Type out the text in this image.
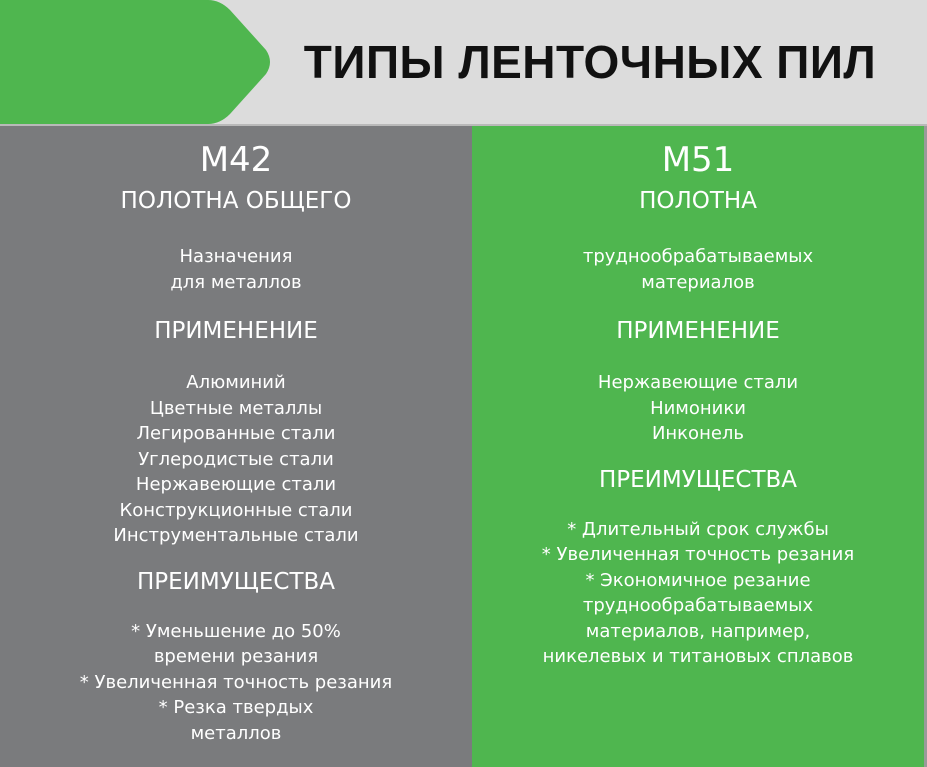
ТИПЫ ЛЕНТОЧНЫХ ПИЛ
M42
ПОЛОТНА ОБЩЕГО
Назначения
для металлов
ПРИМЕНЕНИЕ
Алюминий
Цветные металлы
Легированные стали
Углеродистые стали
Нержавеющие стали
Конструкционные стали
Инструментальные стали
ПРЕИМУЩЕСТВА
* Уменьшение до 50%
времени резания
* Увеличенная точность резания
* Резка твердых
металлов
M51
ПОЛОТНА
труднообрабатываемых
материалов
ПРИМЕНЕНИЕ
Нержавеющие стали
Нимоники
Инконель
ПРЕИМУЩЕСТВА
* Длительный срок службы
* Увеличенная точность резания
* Экономичное резание
труднообрабатываемых
материалов, например,
никелевых и титановых сплавов
